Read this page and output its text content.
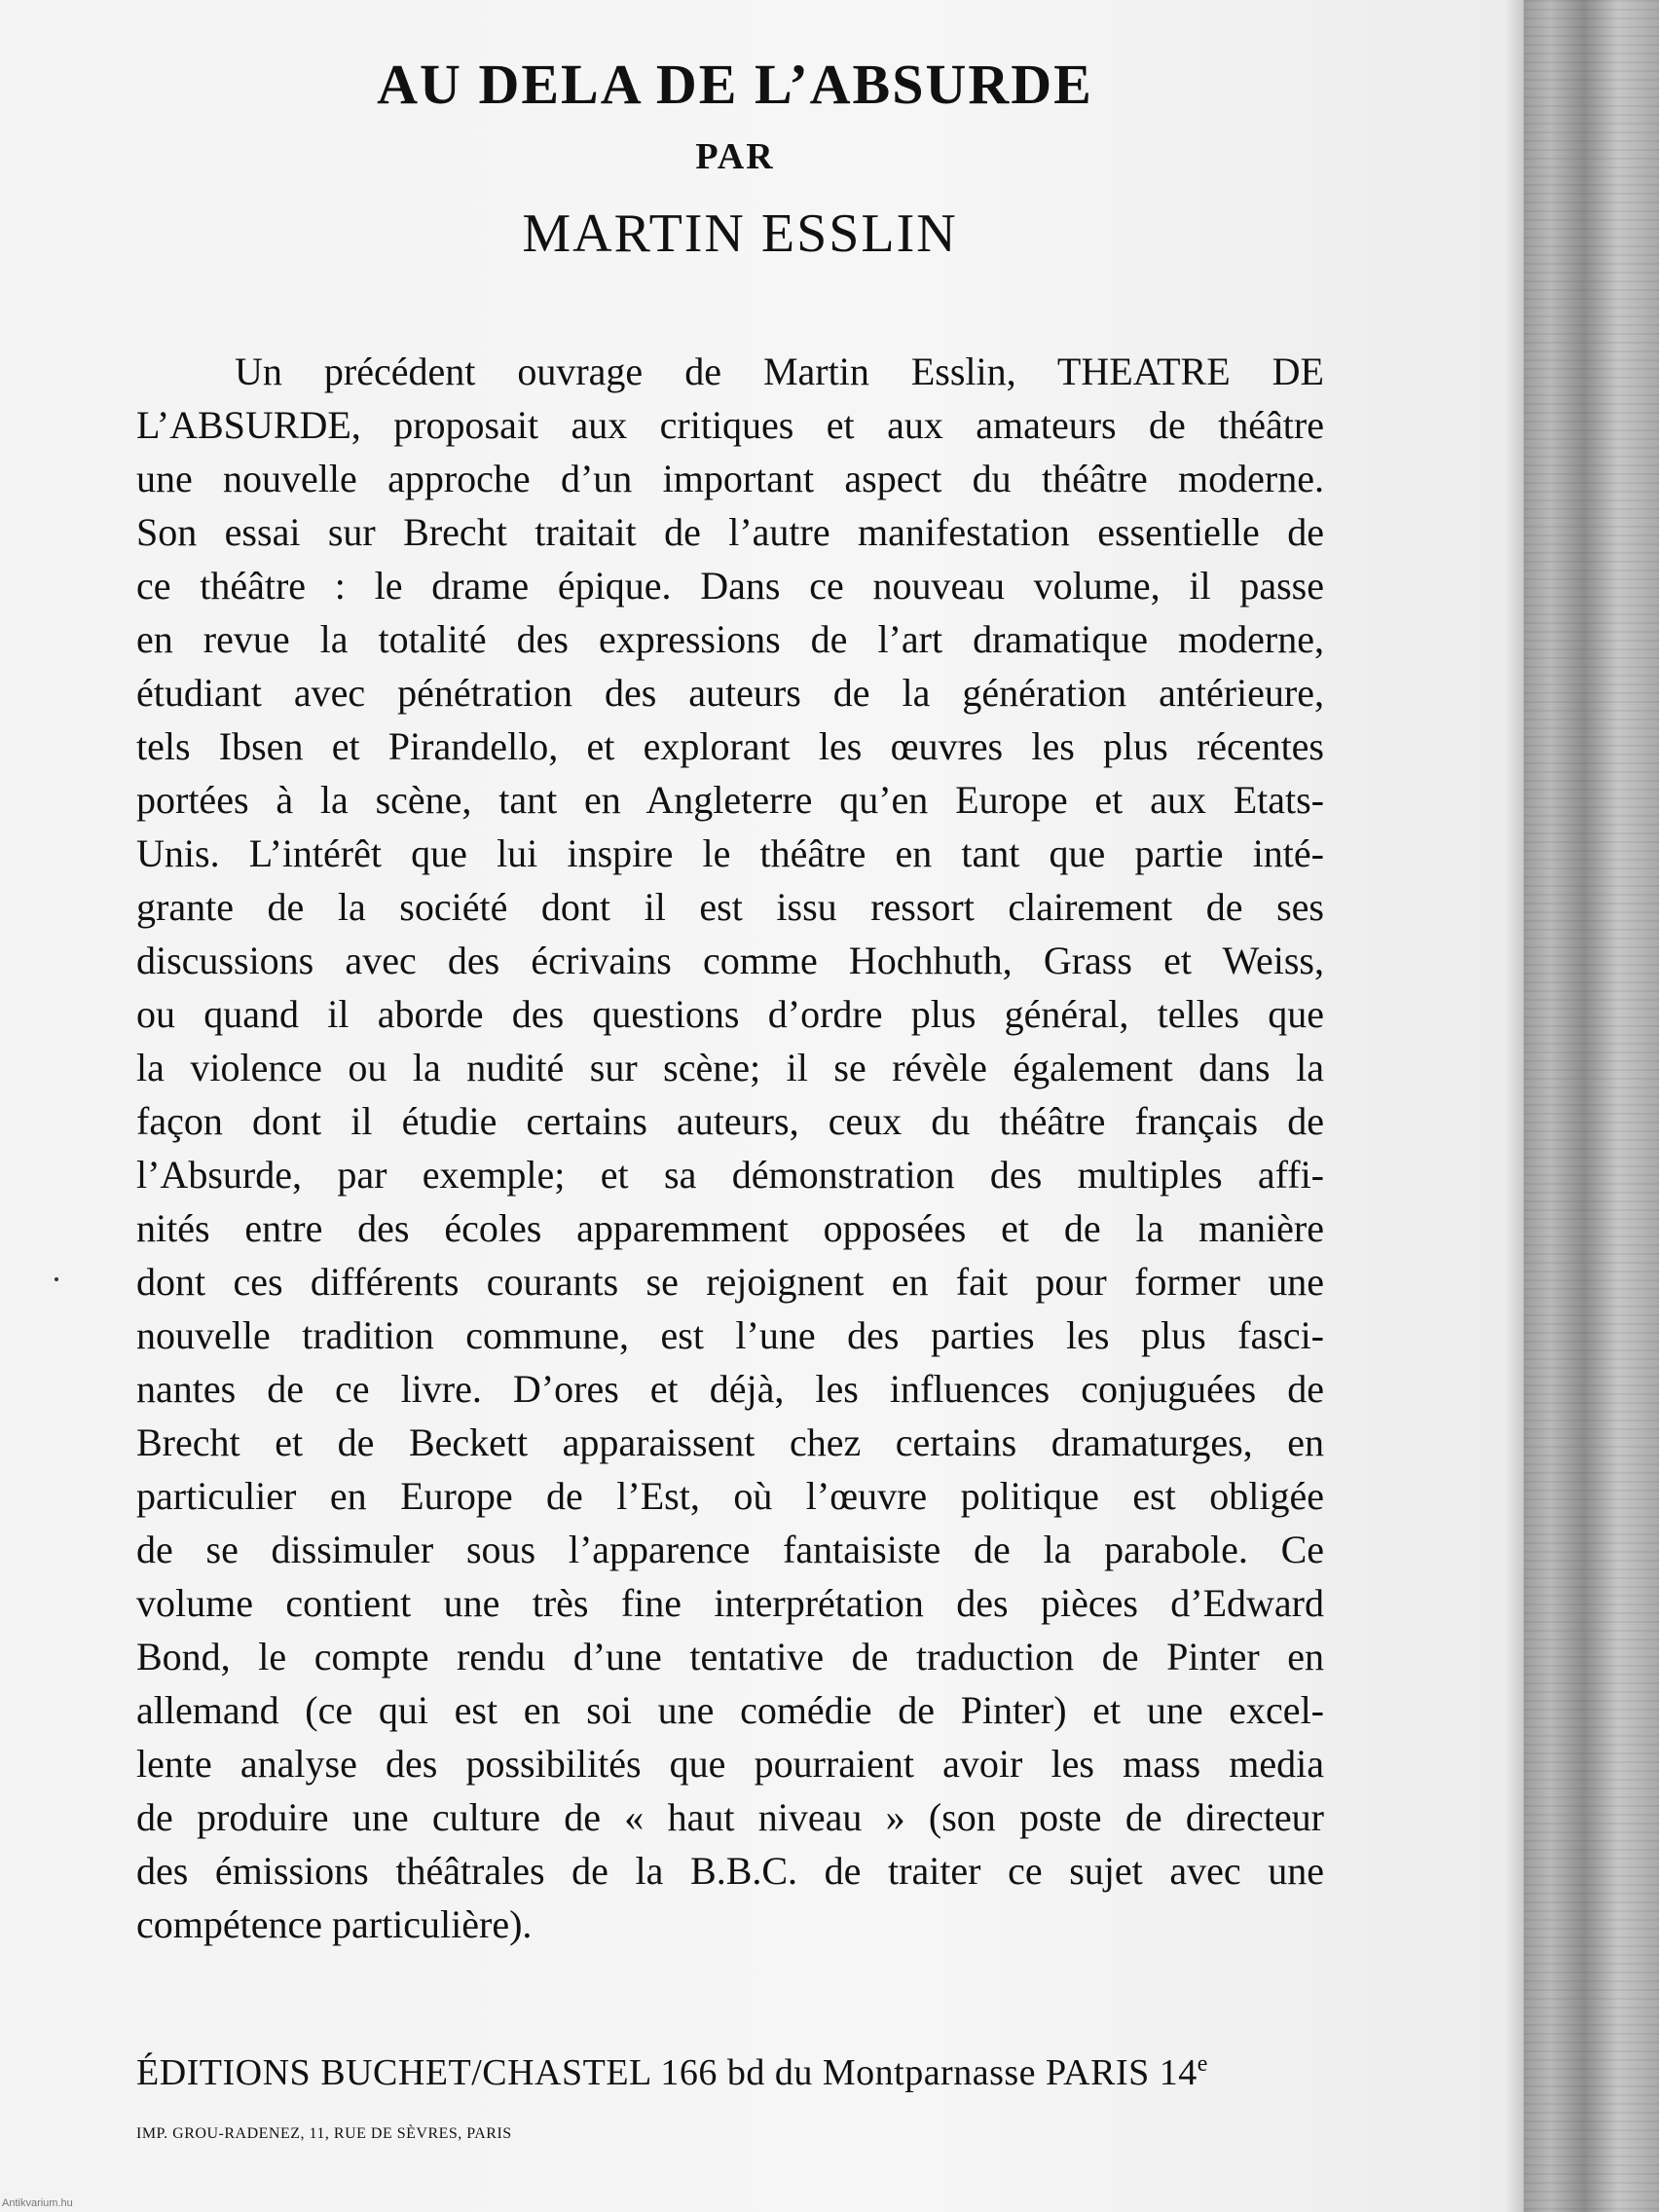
AU DELA DE L’ABSURDE
PAR
MARTIN ESSLIN
Un précédent ouvrage de Martin Esslin, THEATRE DE
L’ABSURDE, proposait aux critiques et aux amateurs de théâtre
une nouvelle approche d’un important aspect du théâtre moderne.
Son essai sur Brecht traitait de l’autre manifestation essentielle de
ce théâtre : le drame épique. Dans ce nouveau volume, il passe
en revue la totalité des expressions de l’art dramatique moderne,
étudiant avec pénétration des auteurs de la génération antérieure,
tels Ibsen et Pirandello, et explorant les œuvres les plus récentes
portées à la scène, tant en Angleterre qu’en Europe et aux Etats-
Unis. L’intérêt que lui inspire le théâtre en tant que partie inté-
grante de la société dont il est issu ressort clairement de ses
discussions avec des écrivains comme Hochhuth, Grass et Weiss,
ou quand il aborde des questions d’ordre plus général, telles que
la violence ou la nudité sur scène; il se révèle également dans la
façon dont il étudie certains auteurs, ceux du théâtre français de
l’Absurde, par exemple; et sa démonstration des multiples affi-
nités entre des écoles apparemment opposées et de la manière
dont ces différents courants se rejoignent en fait pour former une
nouvelle tradition commune, est l’une des parties les plus fasci-
nantes de ce livre. D’ores et déjà, les influences conjuguées de
Brecht et de Beckett apparaissent chez certains dramaturges, en
particulier en Europe de l’Est, où l’œuvre politique est obligée
de se dissimuler sous l’apparence fantaisiste de la parabole. Ce
volume contient une très fine interprétation des pièces d’Edward
Bond, le compte rendu d’une tentative de traduction de Pinter en
allemand (ce qui est en soi une comédie de Pinter) et une excel-
lente analyse des possibilités que pourraient avoir les mass media
de produire une culture de « haut niveau » (son poste de directeur
des émissions théâtrales de la B.B.C. de traiter ce sujet avec une
compétence particulière).
ÉDITIONS BUCHET/CHASTEL 166 bd du Montparnasse PARIS 14e
IMP. GROU-RADENEZ, 11, RUE DE SÈVRES, PARIS
Antikvarium.hu
